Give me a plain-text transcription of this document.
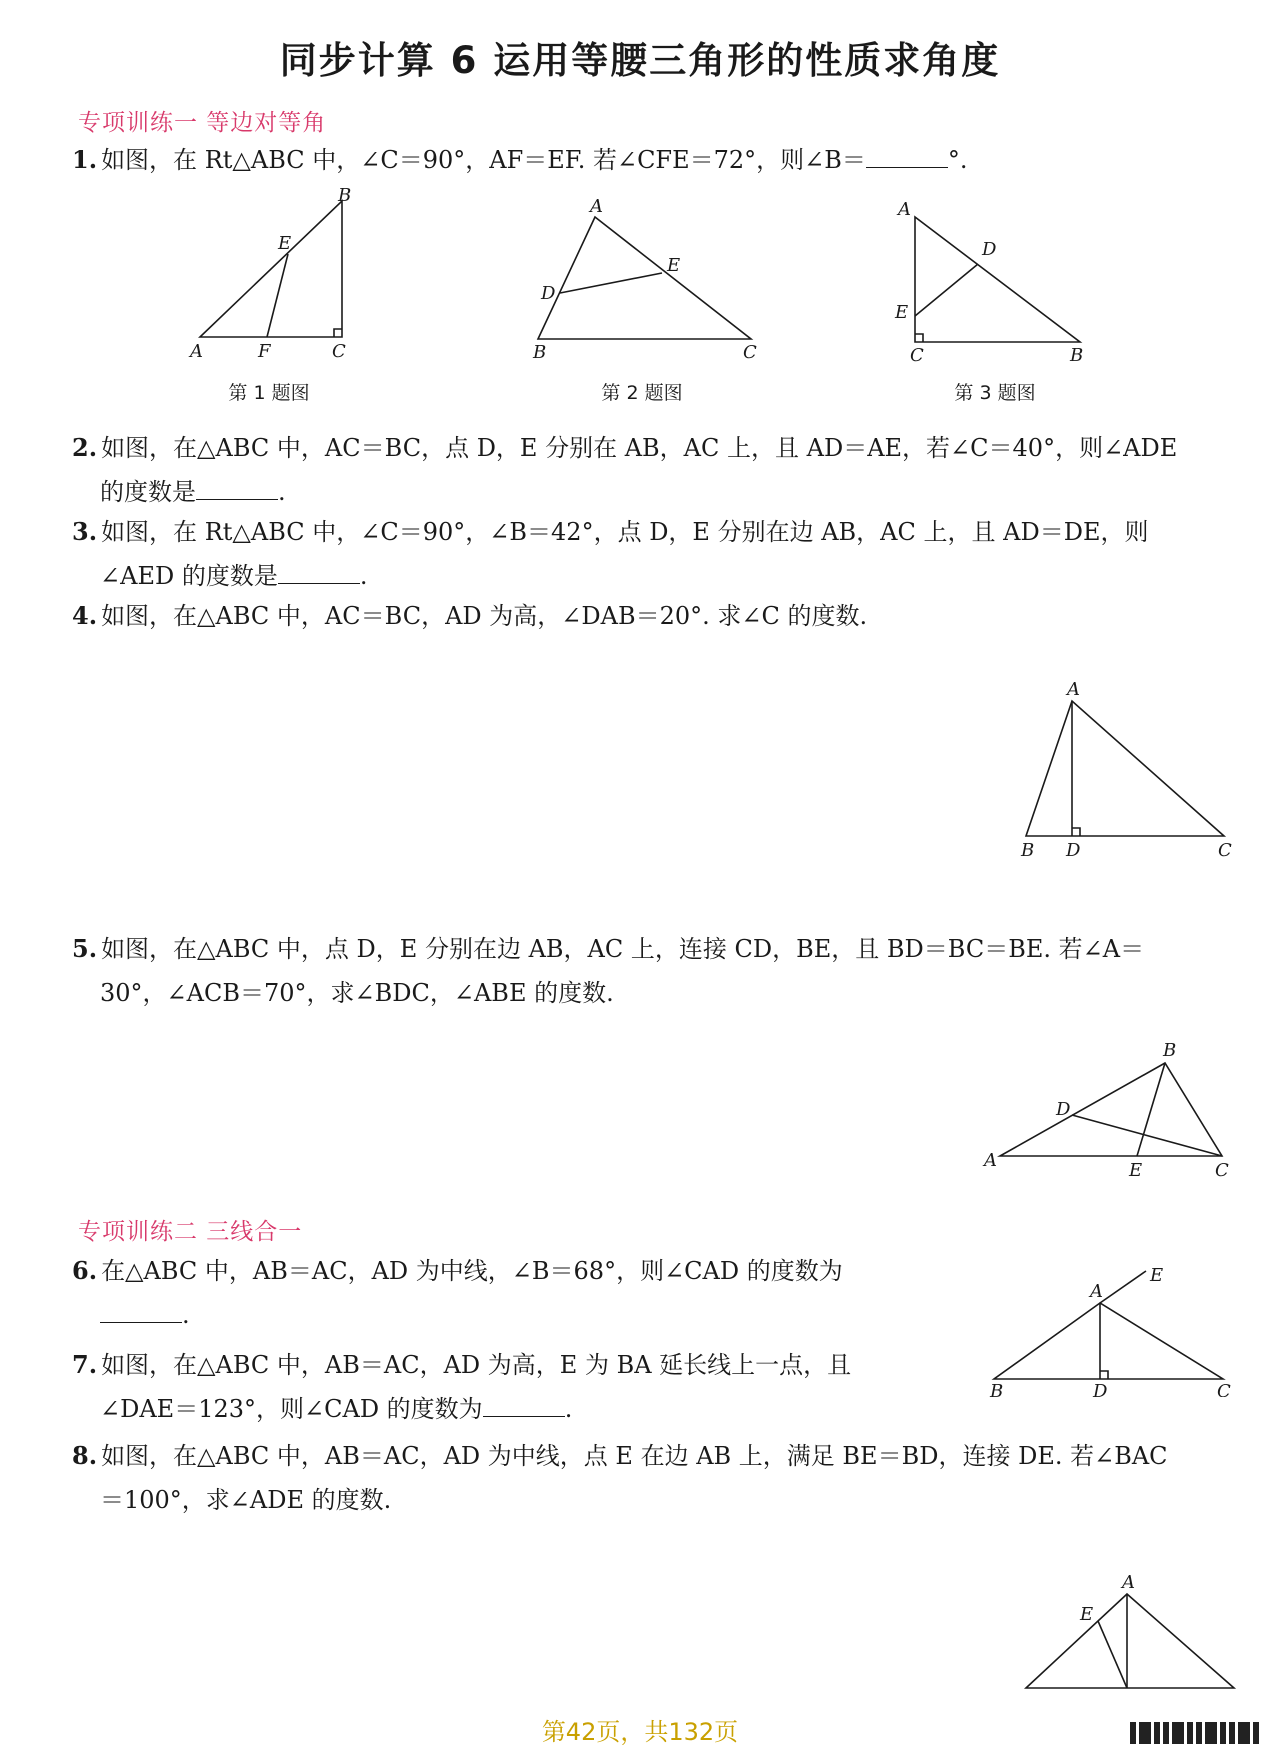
同步计算 6 运用等腰三角形的性质求角度
专项训练一 等边对等角
1. 如图，在 Rt△ABC 中，∠C＝90°，AF＝EF. 若∠CFE＝72°，则∠B＝	°.
B
E
A	F	C
第 1 题图
A
E
D
B	C
第 2 题图
A
D
E
C	B
第 3 题图
2. 如图，在△ABC 中，AC＝BC，点 D，E 分别在 AB，AC 上，且 AD＝AE，若∠C＝40°，则∠ADE
的度数是	.
3. 如图，在 Rt△ABC 中，∠C＝90°，∠B＝42°，点 D，E 分别在边 AB，AC 上，且 AD＝DE，则
∠AED 的度数是	.
4. 如图，在△ABC 中，AC＝BC，AD 为高，∠DAB＝20°. 求∠C 的度数.
A
B D	C
5. 如图，在△ABC 中，点 D，E 分别在边 AB，AC 上，连接 CD，BE，且 BD＝BC＝BE. 若∠A＝
30°，∠ACB＝70°，求∠BDC，∠ABE 的度数.
B
D
A	E	C
专项训练二 三线合一
6. 在△ABC 中，AB＝AC，AD 为中线，∠B＝68°，则∠CAD 的度数为
.
E
A
B	D	C
7. 如图，在△ABC 中，AB＝AC，AD 为高，E 为 BA 延长线上一点，且
∠DAE＝123°，则∠CAD 的度数为	.
8. 如图，在△ABC 中，AB＝AC，AD 为中线，点 E 在边 AB 上，满足 BE＝BD，连接 DE. 若∠BAC
＝100°，求∠ADE 的度数.
A
E
第42页，共132页
